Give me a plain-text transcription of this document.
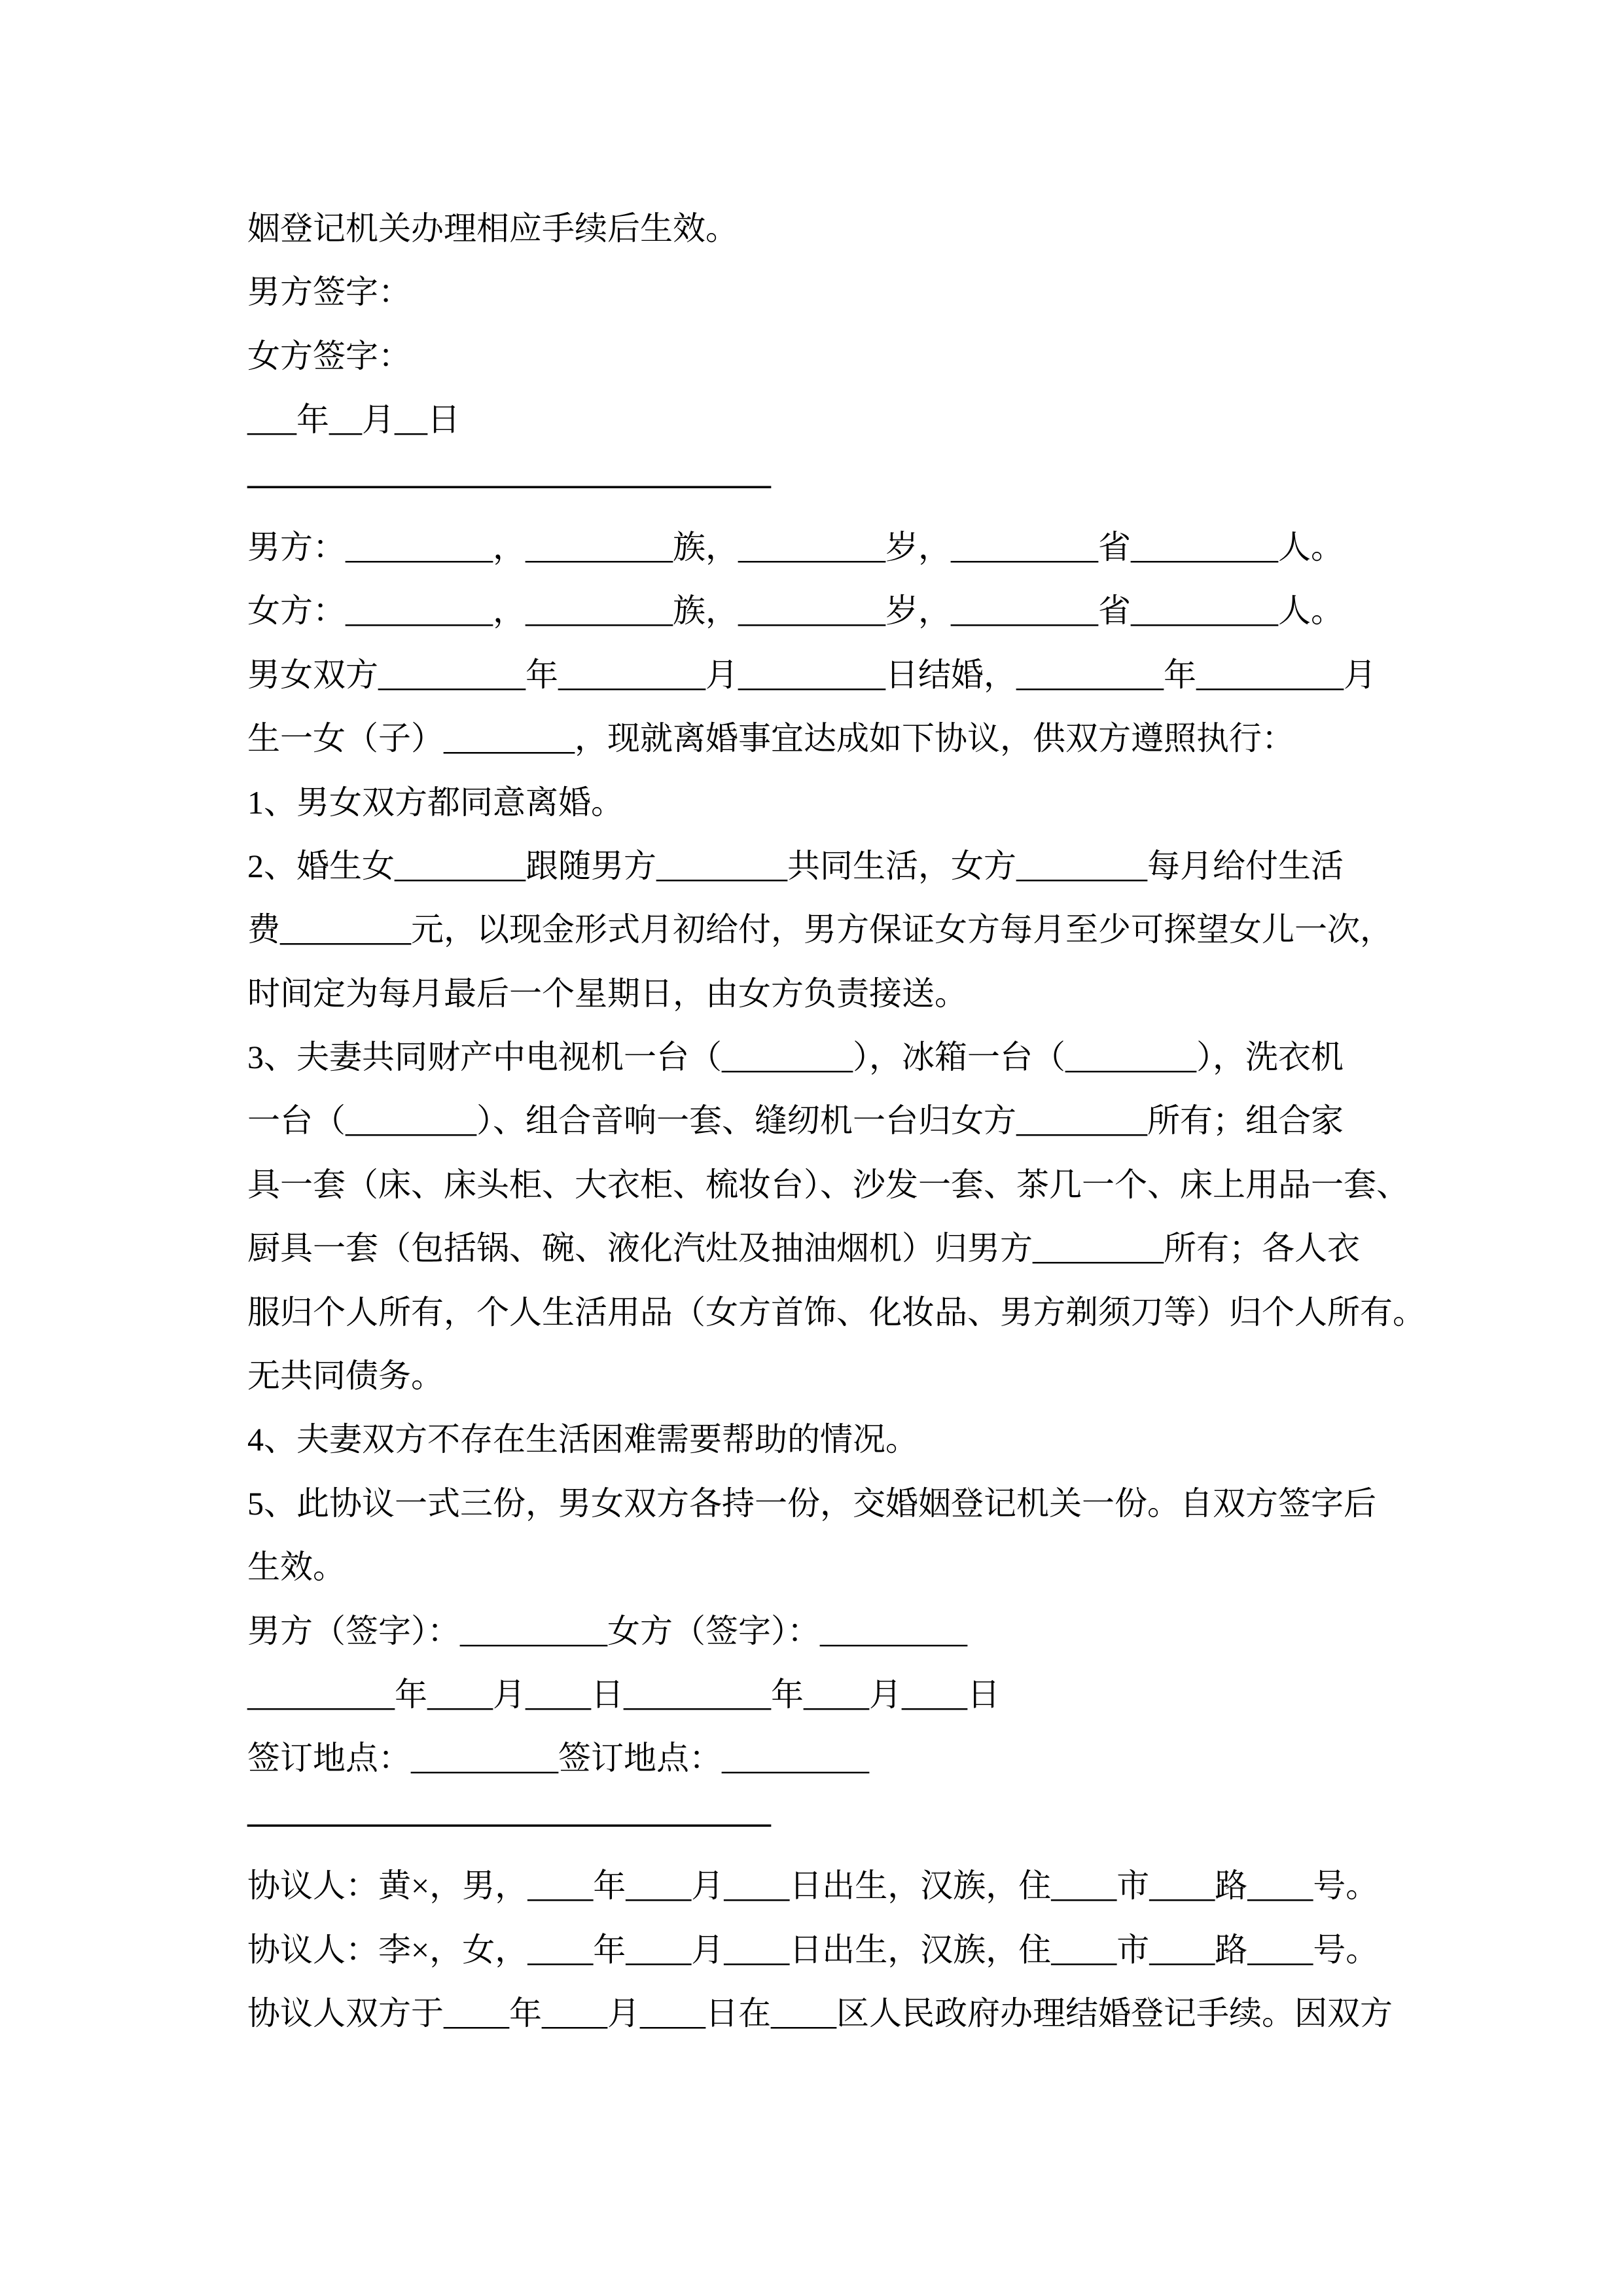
姻登记机关办理相应手续后生效。
男方签字：
女方签字：
___年__月__日
————————————————
男方：_________，_________族，_________岁，_________省_________人。
女方：_________，_________族，_________岁，_________省_________人。
男女双方_________年_________月_________日结婚，_________年_________月
生一女（子）________，现就离婚事宜达成如下协议，供双方遵照执行：
1、男女双方都同意离婚。
2、婚生女________跟随男方________共同生活，女方________每月给付生活
费________元，以现金形式月初给付，男方保证女方每月至少可探望女儿一次，
时间定为每月最后一个星期日，由女方负责接送。
3、夫妻共同财产中电视机一台（________），冰箱一台（________），洗衣机
一台（________）、组合音响一套、缝纫机一台归女方________所有；组合家
具一套（床、床头柜、大衣柜、梳妆台）、沙发一套、茶几一个、床上用品一套、
厨具一套（包括锅、碗、液化汽灶及抽油烟机）归男方________所有；各人衣
服归个人所有，个人生活用品（女方首饰、化妆品、男方剃须刀等）归个人所有。
无共同债务。
4、夫妻双方不存在生活困难需要帮助的情况。
5、此协议一式三份，男女双方各持一份，交婚姻登记机关一份。自双方签字后
生效。
男方（签字）：_________女方（签字）：_________
_________年____月____日_________年____月____日
签订地点：_________签订地点：_________
————————————————
协议人：黄×，男，____年____月____日出生，汉族，住____市____路____号。
协议人：李×，女，____年____月____日出生，汉族，住____市____路____号。
协议人双方于____年____月____日在____区人民政府办理结婚登记手续。因双方
